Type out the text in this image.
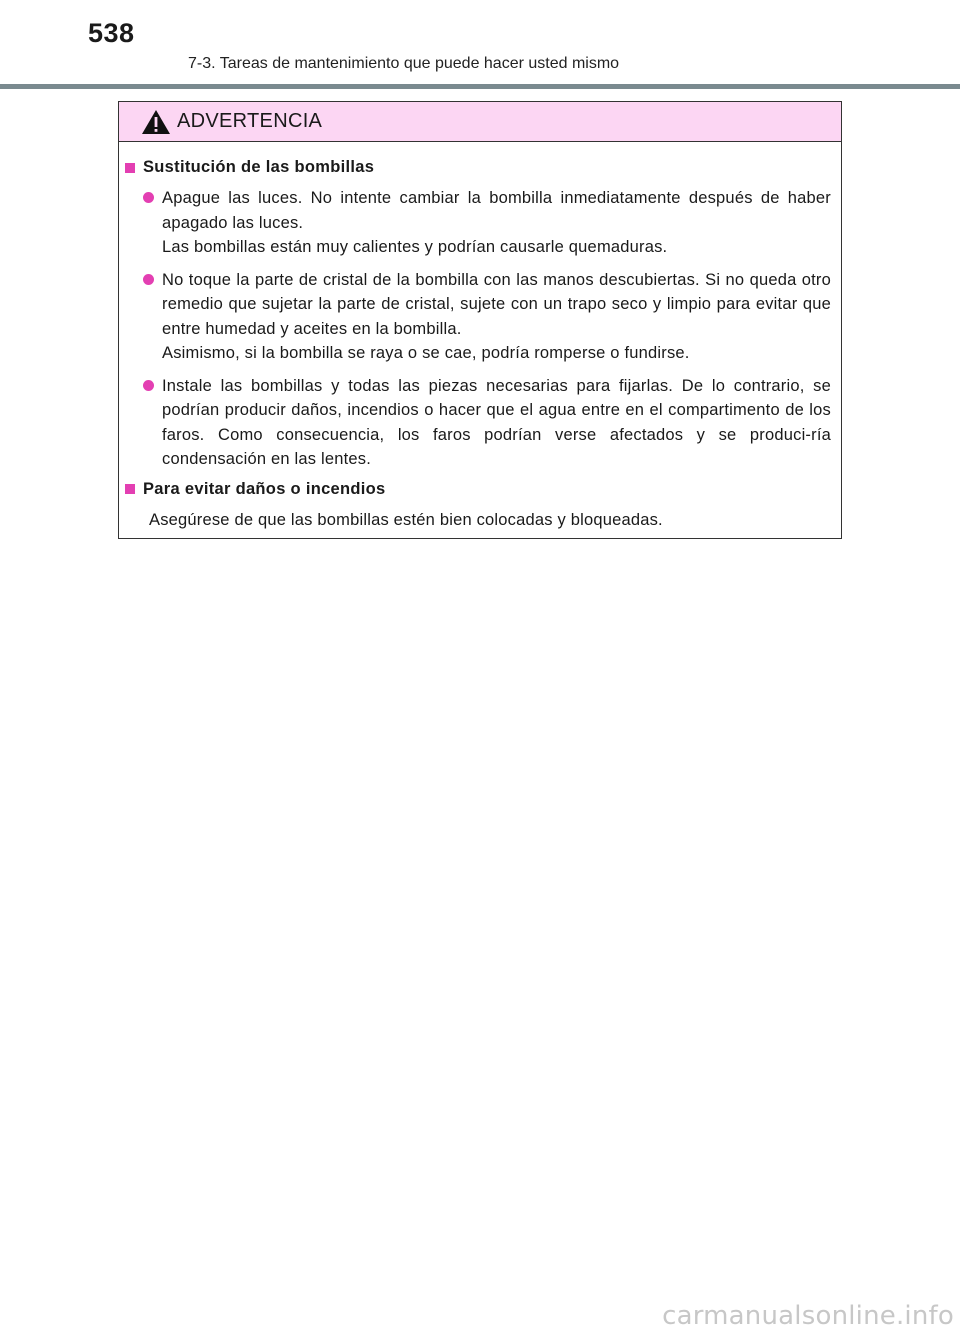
538
7-3. Tareas de mantenimiento que puede hacer usted mismo
ADVERTENCIA
Sustitución de las bombillas

Apague las luces. No intente cambiar la bombilla inmediatamente después de haber apagado las luces.

Las bombillas están muy calientes y podrían causarle quemaduras.

No toque la parte de cristal de la bombilla con las manos descubiertas. Si no queda otro remedio que sujetar la parte de cristal, sujete con un trapo seco y limpio para evitar que entre humedad y aceites en la bombilla.

Asimismo, si la bombilla se raya o se cae, podría romperse o fundirse.

Instale las bombillas y todas las piezas necesarias para fijarlas. De lo contrario, se podrían producir daños, incendios o hacer que el agua entre en el compartimento de los faros. Como consecuencia, los faros podrían verse afectados y se produci-ría condensación en las lentes.

Para evitar daños o incendios

Asegúrese de que las bombillas estén bien colocadas y bloqueadas.

carmanualsonline.info
